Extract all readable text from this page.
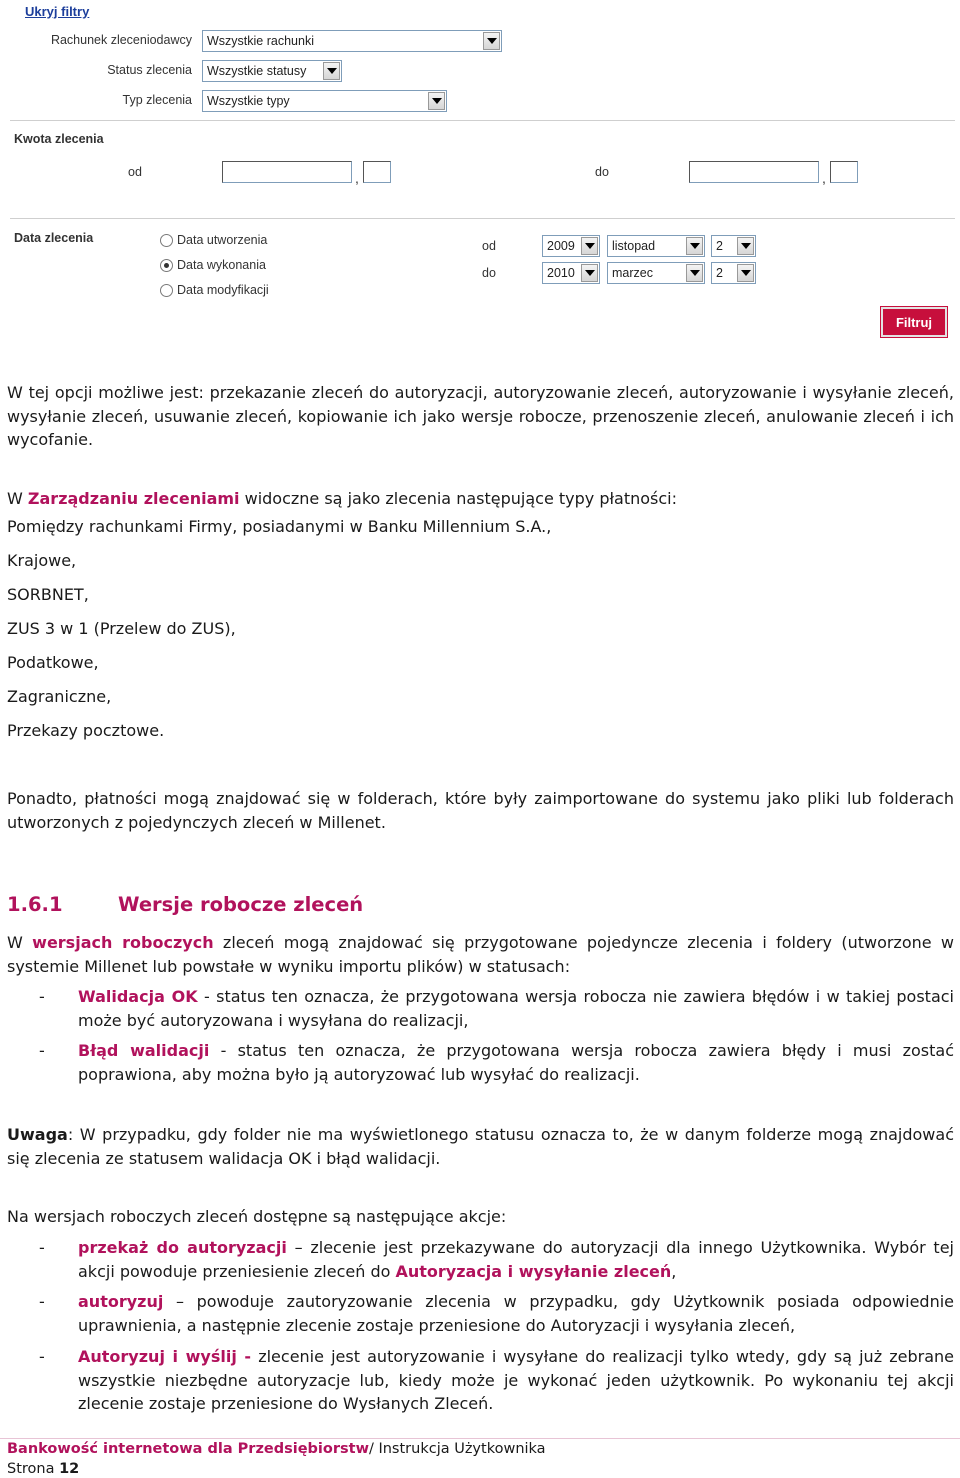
Ukryj filtry
Rachunek zleceniodawcy Wszystkie rachunki
Status zlecenia Wszystkie statusy
Typ zlecenia Wszystkie typy
Kwota zlecenia
od	,	do	,
Data zlecenia	Data utworzenia
Data wykonania
Data modyfikacji
od	2009	listopad	2
do	2010	marzec	2
Filtruj

W tej opcji możliwe jest: przekazanie zleceń do autoryzacji, autoryzowanie zleceń, autoryzowanie i wysyłanie zleceń, wysyłanie zleceń, usuwanie zleceń, kopiowanie ich jako wersje robocze, przenoszenie zleceń, anulowanie zleceń i ich wycofanie.

W Zarządzaniu zleceniami widoczne są jako zlecenia następujące typy płatności:

Pomiędzy rachunkami Firmy, posiadanymi w Banku Millennium S.A.,
Krajowe,
SORBNET,
ZUS 3 w 1 (Przelew do ZUS),
Podatkowe,
Zagraniczne,
Przekazy pocztowe.

Ponadto, płatności mogą znajdować się w folderach, które były zaimportowane do systemu jako pliki lub folderach utworzonych z pojedynczych zleceń w Millenet.

1.6.1	Wersje robocze zleceń

W wersjach roboczych zleceń mogą znajdować się przygotowane pojedyncze zlecenia i foldery (utworzone w systemie Millenet lub powstałe w wyniku importu plików) w statusach:

- Walidacja OK - status ten oznacza, że przygotowana wersja robocza nie zawiera błędów i w takiej postaci może być autoryzowana i wysyłana do realizacji,

- Błąd walidacji - status ten oznacza, że przygotowana wersja robocza zawiera błędy i musi zostać poprawiona, aby można było ją autoryzować lub wysyłać do realizacji.

Uwaga: W przypadku, gdy folder nie ma wyświetlonego statusu oznacza to, że w danym folderze mogą znajdować się zlecenia ze statusem walidacja OK i błąd walidacji.

Na wersjach roboczych zleceń dostępne są następujące akcje:
- przekaż do autoryzacji – zlecenie jest przekazywane do autoryzacji dla innego Użytkownika. Wybór tej akcji powoduje przeniesienie zleceń do Autoryzacja i wysyłanie zleceń,

- autoryzuj – powoduje zautoryzowanie zlecenia w przypadku, gdy Użytkownik posiada odpowiednie uprawnienia, a następnie zlecenie zostaje przeniesione do Autoryzacji i wysyłania zleceń,

- Autoryzuj i wyślij - zlecenie jest autoryzowanie i wysyłane do realizacji tylko wtedy, gdy są już zebrane wszystkie niezbędne autoryzacje lub, kiedy może je wykonać jeden użytkownik. Po wykonaniu tej akcji zlecenie zostaje przeniesione do Wysłanych Zleceń.

Bankowość internetowa dla Przedsiębiorstw/ Instrukcja Użytkownika
Strona 12
